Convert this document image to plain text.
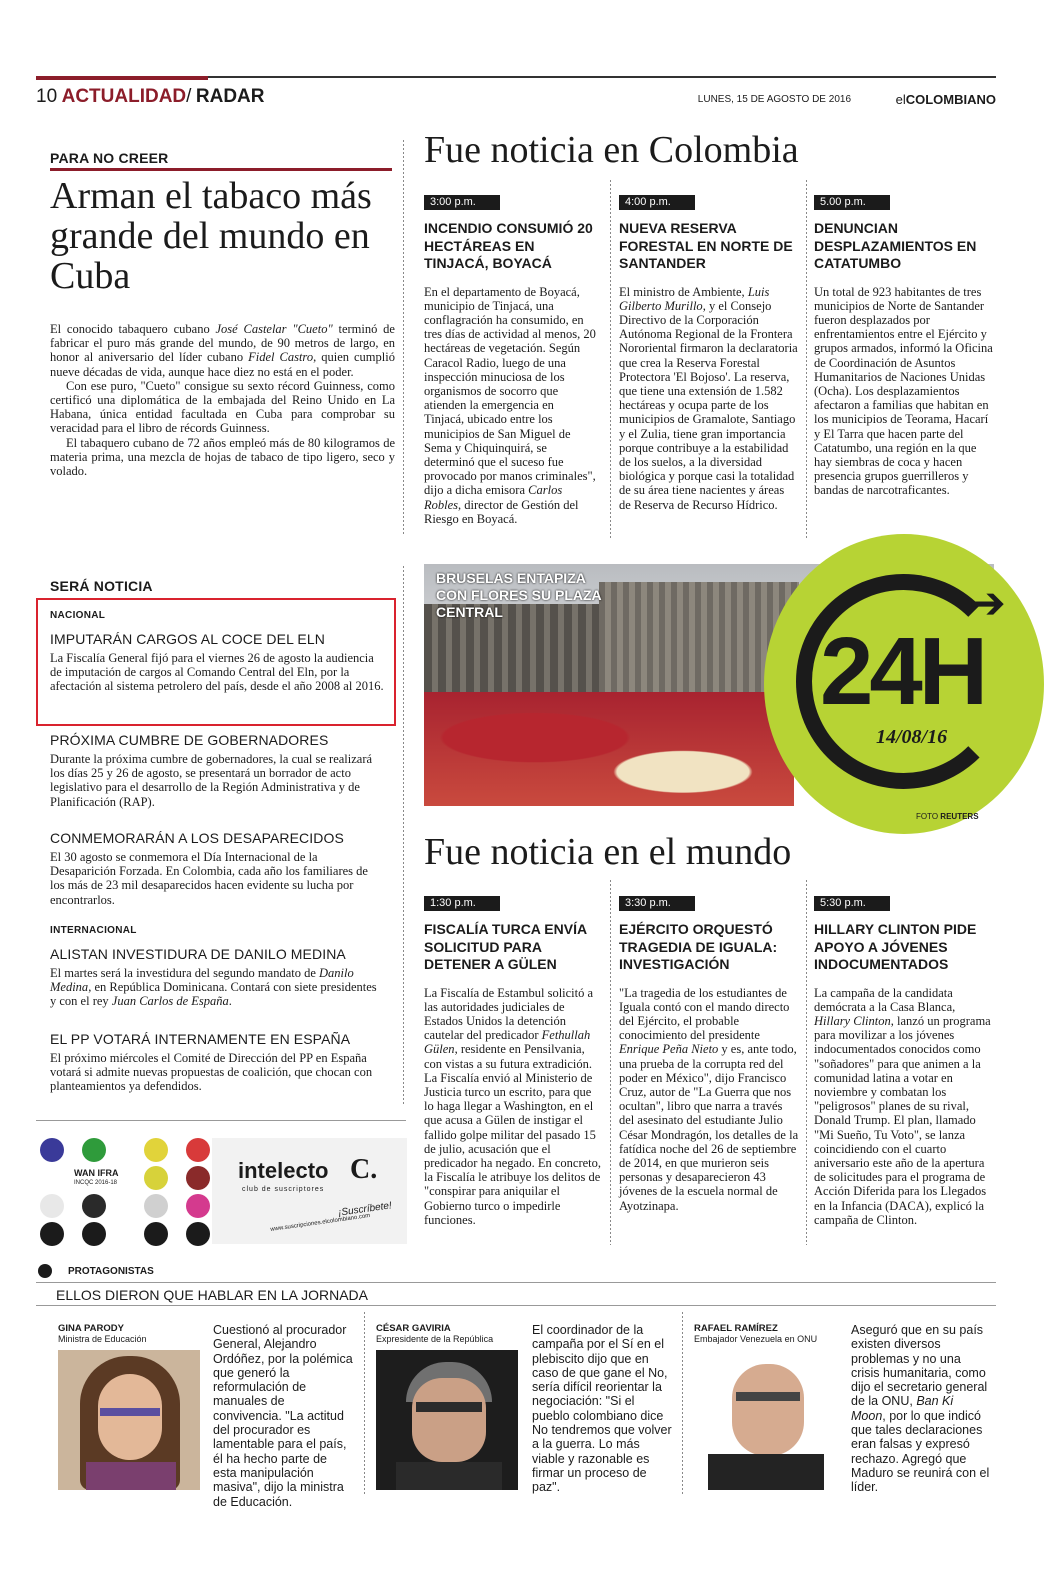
10 ACTUALIDAD/ RADAR	LUNES, 15 DE AGOSTO DE 2016	elCOLOMBIANO
PARA NO CREER
Arman el tabaco más grande del mundo en Cuba

El conocido tabaquero cubano José Castelar "Cueto" terminó de fabricar el puro más grande del mundo, de 90 metros de largo, en honor al aniversario del líder cubano Fidel Castro, quien cumplió nueve décadas de vida, aunque hace diez no está en el poder.

Con ese puro, "Cueto" consigue su sexto récord Guinness, como certificó una diplomática de la embajada del Reino Unido en La Habana, única entidad facultada en Cuba para comprobar su veracidad para el libro de récords Guinness.

El tabaquero cubano de 72 años empleó más de 80 kilogramos de materia prima, una mezcla de hojas de tabaco de tipo ligero, seco y volado.

SERÁ NOTICIA
NACIONAL
IMPUTARÁN CARGOS AL COCE DEL ELN
La Fiscalía General fijó para el viernes 26 de agosto la audiencia de imputación de cargos al Comando Central del Eln, por la afectación al sistema petrolero del país, desde el año 2008 al 2016.
PRÓXIMA CUMBRE DE GOBERNADORES
Durante la próxima cumbre de gobernadores, la cual se realizará los días 25 y 26 de agosto, se presentará un borrador de acto legislativo para el desarrollo de la Región Administrativa y de Planificación (RAP).
CONMEMORARÁN A LOS DESAPARECIDOS
El 30 agosto se conmemora el Día Internacional de la Desaparición Forzada. En Colombia, cada año los familiares de los más de 23 mil desaparecidos hacen evidente su lucha por encontrarlos.
INTERNACIONAL
ALISTAN INVESTIDURA DE DANILO MEDINA
El martes será la investidura del segundo mandato de Danilo Medina, en República Dominicana. Contará con siete presidentes y con el rey Juan Carlos de España.
EL PP VOTARÁ INTERNAMENTE EN ESPAÑA
El próximo miércoles el Comité de Dirección del PP en España votará si admite nuevas propuestas de coalición, que chocan con planteamientos ya defendidos.
WAN IFRA
INCQC 2016-18	intelecto C.
club de suscriptores
¡Suscríbete!
www.suscripciones.elcolombiano.com
Fue noticia en Colombia
3:00 p.m.
INCENDIO CONSUMIÓ 20 HECTÁREAS EN TINJACÁ, BOYACÁ
En el departamento de Boyacá, municipio de Tinjacá, una conflagración ha consumido, en tres días de actividad al menos, 20 hectáreas de vegetación. Según Caracol Radio, luego de una inspección minuciosa de los organismos de socorro que atienden la emergencia en Tinjacá, ubicado entre los municipios de San Miguel de Sema y Chiquinquirá, se determinó que el suceso fue provocado por manos criminales", dijo a dicha emisora Carlos Robles, director de Gestión del Riesgo en Boyacá.
4:00 p.m.
NUEVA RESERVA FORESTAL EN NORTE DE SANTANDER
El ministro de Ambiente, Luis Gilberto Murillo, y el Consejo Directivo de la Corporación Autónoma Regional de la Frontera Nororiental firmaron la declaratoria que crea la Reserva Forestal Protectora 'El Bojoso'. La reserva, que tiene una extensión de 1.582 hectáreas y ocupa parte de los municipios de Gramalote, Santiago y el Zulia, tiene gran importancia porque contribuye a la estabilidad de los suelos, a la diversidad biológica y porque casi la totalidad de su área tiene nacientes y áreas de Reserva de Recurso Hídrico.
5.00 p.m.
DENUNCIAN DESPLAZAMIENTOS EN CATATUMBO
Un total de 923 habitantes de tres municipios de Norte de Santander fueron desplazados por enfrentamientos entre el Ejército y grupos armados, informó la Oficina de Coordinación de Asuntos Humanitarios de Naciones Unidas (Ocha). Los desplazamientos afectaron a familias que habitan en los municipios de Teorama, Hacarí y El Tarra que hacen parte del Catatumbo, una región en la que hay siembras de coca y hacen presencia grupos guerrilleros y bandas de narcotraficantes.
➔
24H
14/08/16
BRUSELAS ENTAPIZA CON FLORES SU PLAZA CENTRAL
FOTO REUTERS
Fue noticia en el mundo
1:30 p.m.
FISCALÍA TURCA ENVÍA SOLICITUD PARA DETENER A GÜLEN
La Fiscalía de Estambul solicitó a las autoridades judiciales de Estados Unidos la detención cautelar del predicador Fethullah Gülen, residente en Pensilvania, con vistas a su futura extradición. La Fiscalía envió al Ministerio de Justicia turco un escrito, para que lo haga llegar a Washington, en el que acusa a Gülen de instigar el fallido golpe militar del pasado 15 de julio, acusación que el predicador ha negado. En concreto, la Fiscalía le atribuye los delitos de "conspirar para aniquilar el Gobierno turco o impedirle funciones.
3:30 p.m.
EJÉRCITO ORQUESTÓ TRAGEDIA DE IGUALA: INVESTIGACIÓN
"La tragedia de los estudiantes de Iguala contó con el mando directo del Ejército, el probable conocimiento del presidente Enrique Peña Nieto y es, ante todo, una prueba de la corrupta red del poder en México", dijo Francisco Cruz, autor de "La Guerra que nos ocultan", libro que narra a través del asesinato del estudiante Julio César Mondragón, los detalles de la fatídica noche del 26 de septiembre de 2014, en que murieron seis personas y desaparecieron 43 jóvenes de la escuela normal de Ayotzinapa.
5:30 p.m.
HILLARY CLINTON PIDE APOYO A JÓVENES INDOCUMENTADOS
La campaña de la candidata demócrata a la Casa Blanca, Hillary Clinton, lanzó un programa para movilizar a los jóvenes indocumentados conocidos como "soñadores" para que animen a la comunidad latina a votar en noviembre y combatan los "peligrosos" planes de su rival, Donald Trump. El plan, llamado "Mi Sueño, Tu Voto", se lanza coincidiendo con el cuarto aniversario este año de la apertura de solicitudes para el programa de Acción Diferida para los Llegados en la Infancia (DACA), explicó la campaña de Clinton.
PROTAGONISTAS
ELLOS DIERON QUE HABLAR EN LA JORNADA
GINA PARODY
Ministra de Educación
Cuestionó al procurador General, Alejandro Ordóñez, por la polémica que generó la reformulación de manuales de convivencia. "La actitud del procurador es lamentable para el país, él ha hecho parte de esta manipulación masiva", dijo la ministra de Educación.
CÉSAR GAVIRIA
Expresidente de la República
El coordinador de la campaña por el Sí en el plebiscito dijo que en caso de que gane el No, sería difícil reorientar la negociación: "Si el pueblo colombiano dice No tendremos que volver a la guerra. Lo más viable y razonable es firmar un proceso de paz".
RAFAEL RAMÍREZ
Embajador Venezuela en ONU
Aseguró que en su país existen diversos problemas y no una crisis humanitaria, como dijo el secretario general de la ONU, Ban Ki Moon, por lo que indicó que tales declaraciones eran falsas y expresó rechazo. Agregó que Maduro se reunirá con el líder.
